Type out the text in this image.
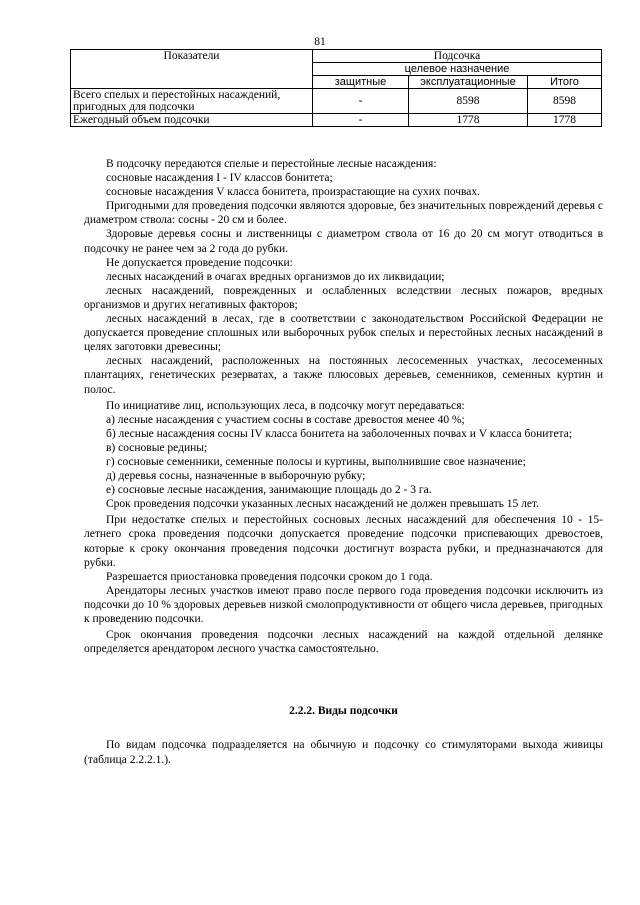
81
Показатели	Подсочка		
	целевое назначение		
	защитные	эксплуатационные	Итого
Всего спелых и перестойных насаждений, пригодных для подсочки	-	8598	8598
Ежегодный объем подсочки	-	1778	1778

В подсочку передаются спелые и перестойные лесные насаждения:

сосновые насаждения I - IV классов бонитета;

сосновые насаждения V класса бонитета, произрастающие на сухих почвах.

Пригодными для проведения подсочки являются здоровые, без значительных повреждений деревья с диаметром ствола: сосны - 20 см и более.

Здоровые деревья сосны и лиственницы с диаметром ствола от 16 до 20 см могут отводиться в подсочку не ранее чем за 2 года до рубки.

Не допускается проведение подсочки:

лесных насаждений в очагах вредных организмов до их ликвидации;

лесных насаждений, поврежденных и ослабленных вследствии лесных пожаров, вредных организмов и других негативных факторов;

лесных насаждений в лесах, где в соответствии с законодательством Российской Федерации не допускается проведение сплошных или выборочных рубок спелых и перестойных лесных насаждений в целях заготовки древесины;

лесных насаждений, расположенных на постоянных лесосеменных участках, лесосеменных плантациях, генетических резерватах, а также плюсовых деревьев, семенников, семенных куртин и полос.

По инициативе лиц, использующих леса, в подсочку могут передаваться:

а) лесные насаждения с участием сосны в составе древостоя менее 40 %;

б) лесные насаждения сосны IV класса бонитета на заболоченных почвах и V класса бонитета;

в) сосновые редины;

г) сосновые семенники, семенные полосы и куртины, выполнившие свое назначение;

д) деревья сосны, назначенные в выборочную рубку;

е) сосновые лесные насаждения, занимающие площадь до 2 - 3 га.

Срок проведения подсочки указанных лесных насаждений не должен превышать 15 лет.

При недостатке спелых и перестойных сосновых лесных насаждений для обеспечения 10 - 15-летнего срока проведения подсочки допускается проведение подсочки приспевающих древостоев, которые к сроку окончания проведения подсочки достигнут возраста рубки, и предназначаются для рубки.

Разрешается приостановка проведения подсочки сроком до 1 года.

Арендаторы лесных участков имеют право после первого года проведения подсочки исключить из подсочки до 10 % здоровых деревьев низкой смолопродуктивности от общего числа деревьев, пригодных к проведению подсочки.

Срок окончания проведения подсочки лесных насаждений на каждой отдельной делянке определяется арендатором лесного участка самостоятельно.

2.2.2. Виды подсочки

По видам подсочка подразделяется на обычную и подсочку со стимуляторами выхода живицы (таблица 2.2.2.1.).
